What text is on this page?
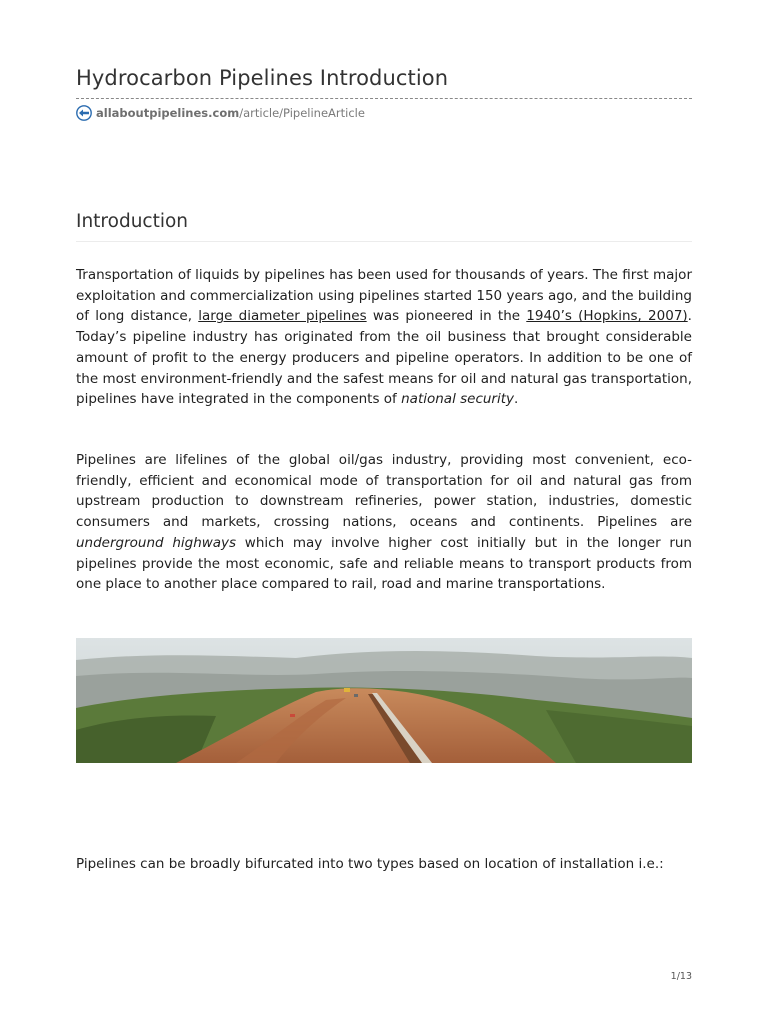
Hydrocarbon Pipelines Introduction
allaboutpipelines.com /article/PipelineArticle
Introduction

Transportation of liquids by pipelines has been used for thousands of years. The first major exploitation and commercialization using pipelines started 150 years ago, and the building of long distance, large diameter pipelines was pioneered in the 1940’s (Hopkins, 2007). Today’s pipeline industry has originated from the oil business that brought considerable amount of profit to the energy producers and pipeline operators. In addition to be one of the most environment-friendly and the safest means for oil and natural gas transportation, pipelines have integrated in the components of national security.

Pipelines are lifelines of the global oil/gas industry, providing most convenient, eco-friendly, efficient and economical mode of transportation for oil and natural gas from upstream production to downstream refineries, power station, industries, domestic consumers and markets, crossing nations, oceans and continents. Pipelines are underground highways which may involve higher cost initially but in the longer run pipelines provide the most economic, safe and reliable means to transport products from one place to another place compared to rail, road and marine transportations.

Pipelines can be broadly bifurcated into two types based on location of installation i.e.:

1/13
